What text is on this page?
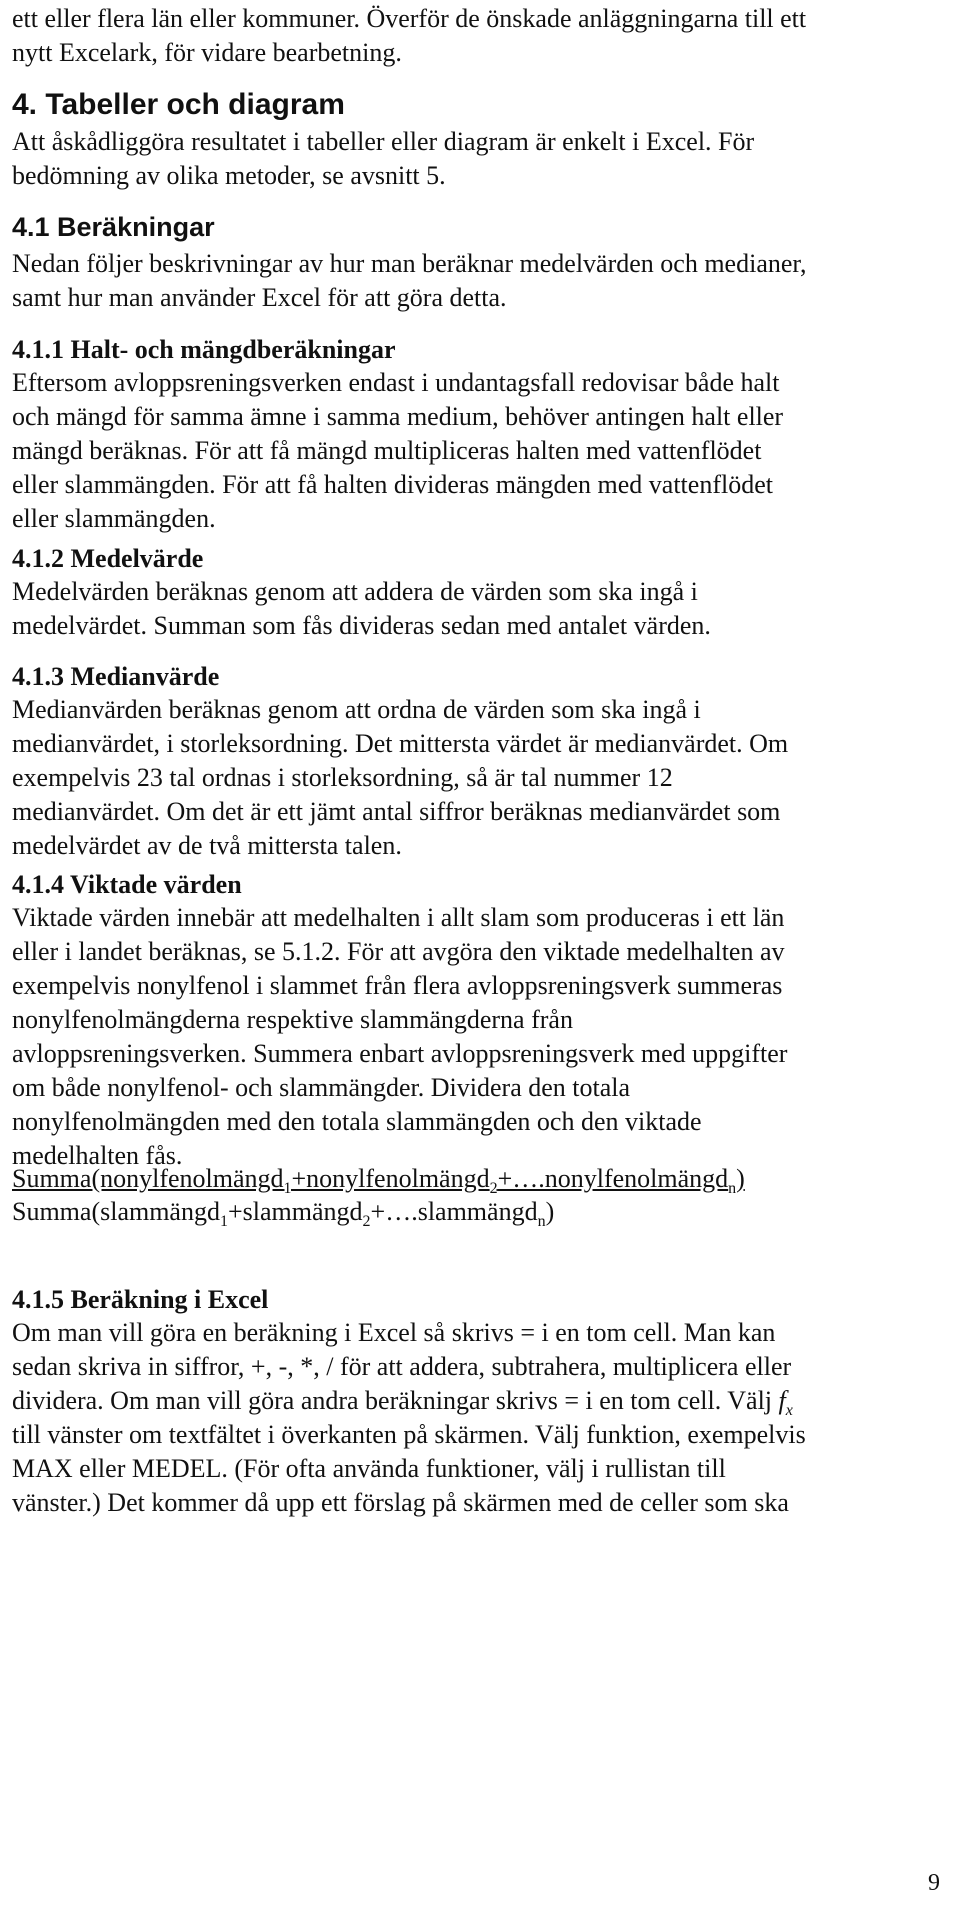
Summa(nonylfenolmängd$_1$+nonylfenolmängd$_2$+….nonylfenolmängd$_n$)
Summa(slammängd$_1$+slammängd$_2$+….slammängd$_n$)
4.1.5 Beräkning i Excel
Om man vill göra en beräkning i Excel så skrivs = i en tom cell. Man kan
sedan skriva in siffror, +, -, *, / för att addera, subtrahera, multiplicera eller
dividera. Om man vill göra andra beräkningar skrivs = i en tom cell. Välj $f_x$
till vänster om textfältet i överkanten på skärmen. Välj funktion, exempelvis
MAX eller MEDEL. (För ofta använda funktioner, välj i rullistan till
vänster.) Det kommer då upp ett förslag på skärmen med de celler som ska
9
ett eller flera län eller kommuner. Överför de önskade anläggningarna till ett
nytt Excelark, för vidare bearbetning.
4. Tabeller och diagram
Att åskådliggöra resultatet i tabeller eller diagram är enkelt i Excel. För
bedömning av olika metoder, se avsnitt 5.
4.1 Beräkningar
Nedan följer beskrivningar av hur man beräknar medelvärden och medianer,
samt hur man använder Excel för att göra detta.
4.1.1 Halt- och mängdberäkningar
Eftersom avloppsreningsverken endast i undantagsfall redovisar både halt
och mängd för samma ämne i samma medium, behöver antingen halt eller
mängd beräknas. För att få mängd multipliceras halten med vattenflödet
eller slammängden. För att få halten divideras mängden med vattenflödet
eller slammängden.
4.1.2 Medelvärde
Medelvärden beräknas genom att addera de värden som ska ingå i
medelvärdet. Summan som fås divideras sedan med antalet värden.
4.1.3 Medianvärde
Medianvärden beräknas genom att ordna de värden som ska ingå i
medianvärdet, i storleksordning. Det mittersta värdet är medianvärdet. Om
exempelvis 23 tal ordnas i storleksordning, så är tal nummer 12
medianvärdet. Om det är ett jämt antal siffror beräknas medianvärdet som
medelvärdet av de två mittersta talen.
4.1.4 Viktade värden
Viktade värden innebär att medelhalten i allt slam som produceras i ett län
eller i landet beräknas, se 5.1.2. För att avgöra den viktade medelhalten av
exempelvis nonylfenol i slammet från flera avloppsreningsverk summeras
nonylfenolmängderna respektive slammängderna från
avloppsreningsverken. Summera enbart avloppsreningsverk med uppgifter
om både nonylfenol- och slammängder. Dividera den totala
nonylfenolmängden med den totala slammängden och den viktade
medelhalten fås.
